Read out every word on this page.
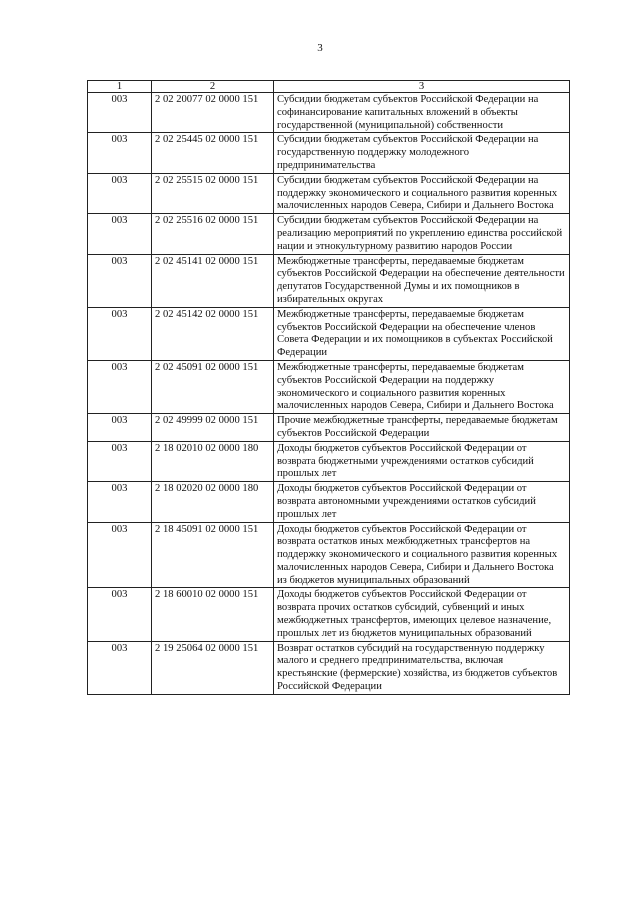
3
1	2	3
003	2 02 20077 02 0000 151	Субсидии бюджетам субъектов Российской Федерации на софинансирование капитальных вложений в объекты государственной (муниципальной) собственности
003	2 02 25445 02 0000 151	Субсидии бюджетам субъектов Российской Федерации на государственную поддержку молодежного предпринимательства
003	2 02 25515 02 0000 151	Субсидии бюджетам субъектов Российской Федерации на поддержку экономического и социального развития коренных малочисленных народов Севера, Сибири и Дальнего Востока
003	2 02 25516 02 0000 151	Субсидии бюджетам субъектов Российской Федерации на реализацию мероприятий по укреплению единства российской нации и этнокультурному развитию народов России
003	2 02 45141 02 0000 151	Межбюджетные трансферты, передаваемые бюджетам субъектов Российской Федерации на обеспечение деятельности депутатов Государственной Думы и их помощников в избирательных округах
003	2 02 45142 02 0000 151	Межбюджетные трансферты, передаваемые бюджетам субъектов Российской Федерации на обеспечение членов Совета Федерации и их помощников в субъектах Российской Федерации
003	2 02 45091 02 0000 151	Межбюджетные трансферты, передаваемые бюджетам субъектов Российской Федерации на поддержку экономического и социального развития коренных малочисленных народов Севера, Сибири и Дальнего Востока
003	2 02 49999 02 0000 151	Прочие межбюджетные трансферты, передаваемые бюджетам субъектов Российской Федерации
003	2 18 02010 02 0000 180	Доходы бюджетов субъектов Российской Федерации от возврата бюджетными учреждениями остатков субсидий прошлых лет
003	2 18 02020 02 0000 180	Доходы бюджетов субъектов Российской Федерации от возврата автономными учреждениями остатков субсидий прошлых лет
003	2 18 45091 02 0000 151	Доходы бюджетов субъектов Российской Федерации от возврата остатков иных межбюджетных трансфертов на поддержку экономического и социального развития коренных малочисленных народов Севера, Сибири и Дальнего Востока из бюджетов муниципальных образований
003	2 18 60010 02 0000 151	Доходы бюджетов субъектов Российской Федерации от возврата прочих остатков субсидий, субвенций и иных межбюджетных трансфертов, имеющих целевое назначение, прошлых лет из бюджетов муниципальных образований
003	2 19 25064 02 0000 151	Возврат остатков субсидий на государственную поддержку малого и среднего предпринимательства, включая крестьянские (фермерские) хозяйства, из бюджетов субъектов Российской Федерации
